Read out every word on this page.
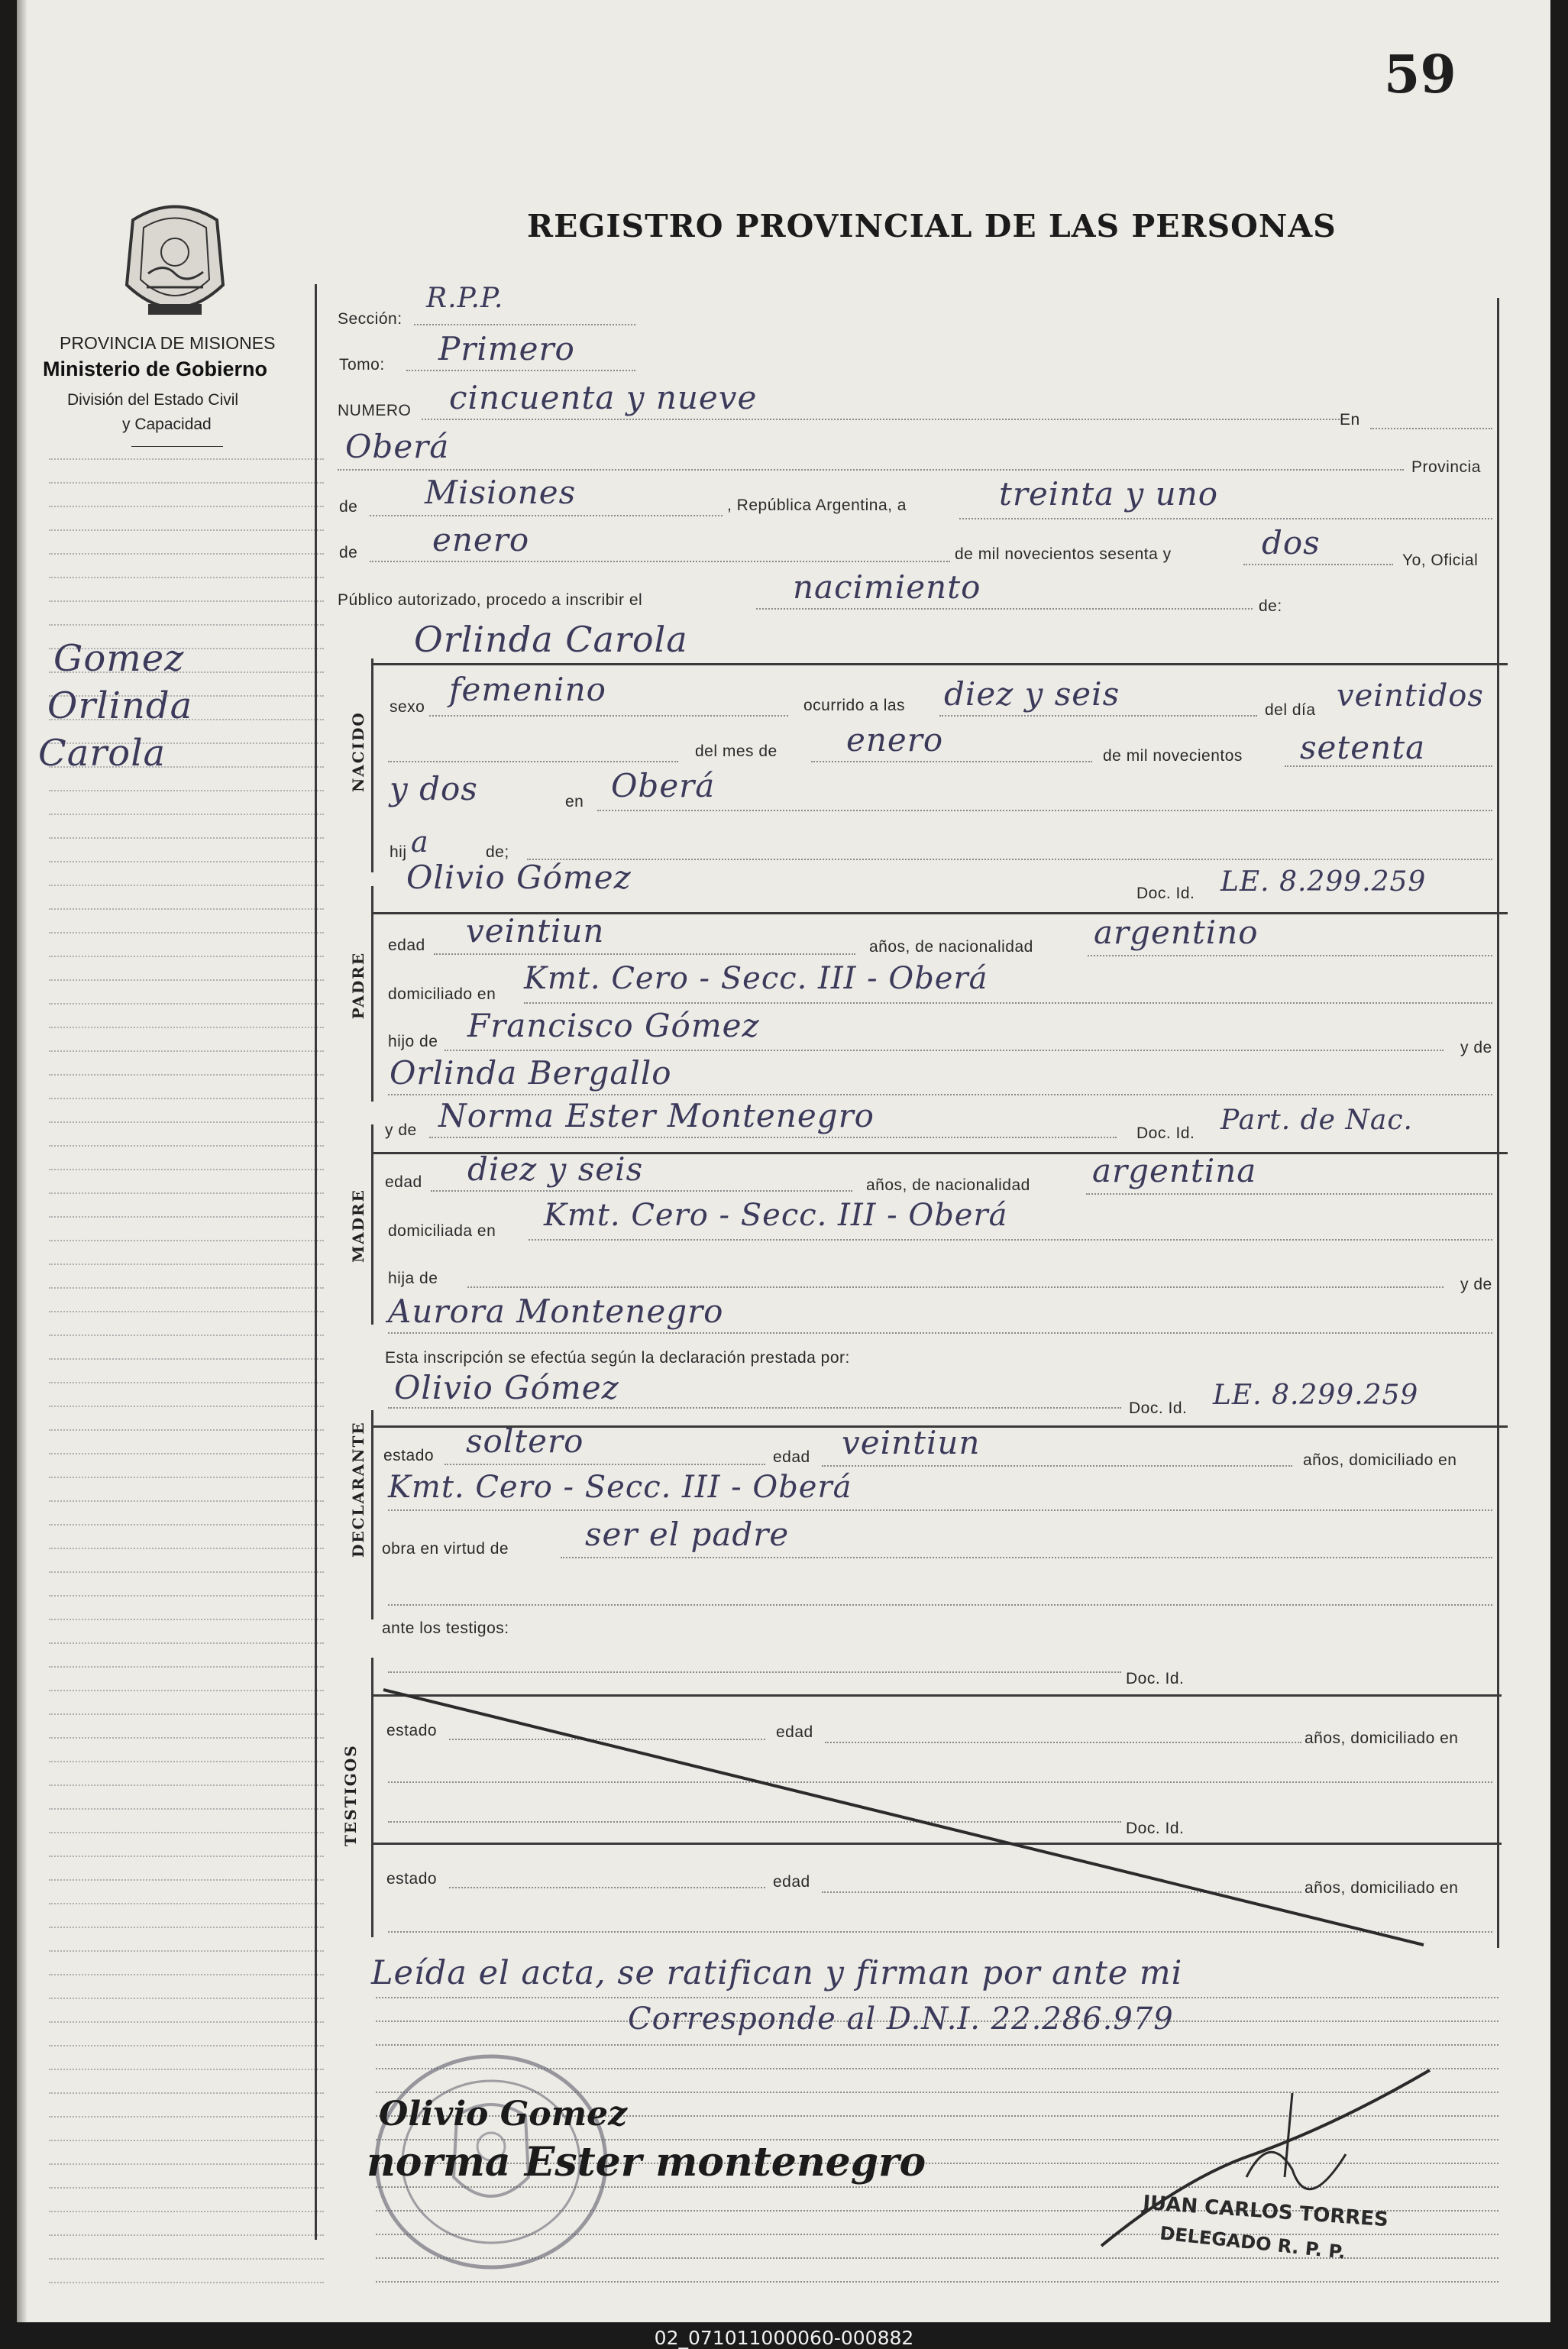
59
REGISTRO PROVINCIAL DE LAS PERSONAS
PROVINCIA DE MISIONES
Ministerio de Gobierno
División del Estado Civil
y Capacidad
Gomez
Orlinda
Carola
Sección:
R.P.P.
Tomo: Primero
NUMERO cincuenta y nueve
En
Oberá
Provincia
de Misiones	, República Argentina, a	treinta y uno
de enero	de mil novecientos sesenta y	dos	Yo, Oficial
Público autorizado, procedo a inscribir el	nacimiento
de:
NACIDO
Orlinda Carola
sexo femenino	ocurrido a las diez y seis	del día veintidos
del mes de enero	de mil novecientos setenta
y dos	en Oberá
hij a	de;
PADRE
Olivio Gómez	Doc. Id. LE. 8.299.259
edad veintiun	años, de nacionalidad argentino
domiciliado en Kmt. Cero - Secc. III - Oberá
hijo de Francisco Gómez
y de
Orlinda Bergallo
y de Norma Ester Montenegro	Doc. Id. Part. de Nac.
MADRE
edad diez y seis	años, de nacionalidad argentina
domiciliada en Kmt. Cero - Secc. III - Oberá
hija de	y de
Aurora Montenegro
Esta inscripción se efectúa según la declaración prestada por:
Olivio Gómez
Doc. Id. LE. 8.299.259
DECLARANTE estado soltero	edad veintiun	años, domiciliado en
Kmt. Cero - Secc. III - Oberá
obra en virtud de ser el padre
ante los testigos:
TESTIGOS
Doc. Id.
estado	edad	años, domiciliado en
Doc. Id.
estado	edad	años, domiciliado en
Leída el acta, se ratifican y firman por ante mi
Corresponde al D.N.I. 22.286.979
Olivio Gomez
norma Ester montenegro
JUAN CARLOS TORRES
DELEGADO R. P. P.
02_071011000060-000882
